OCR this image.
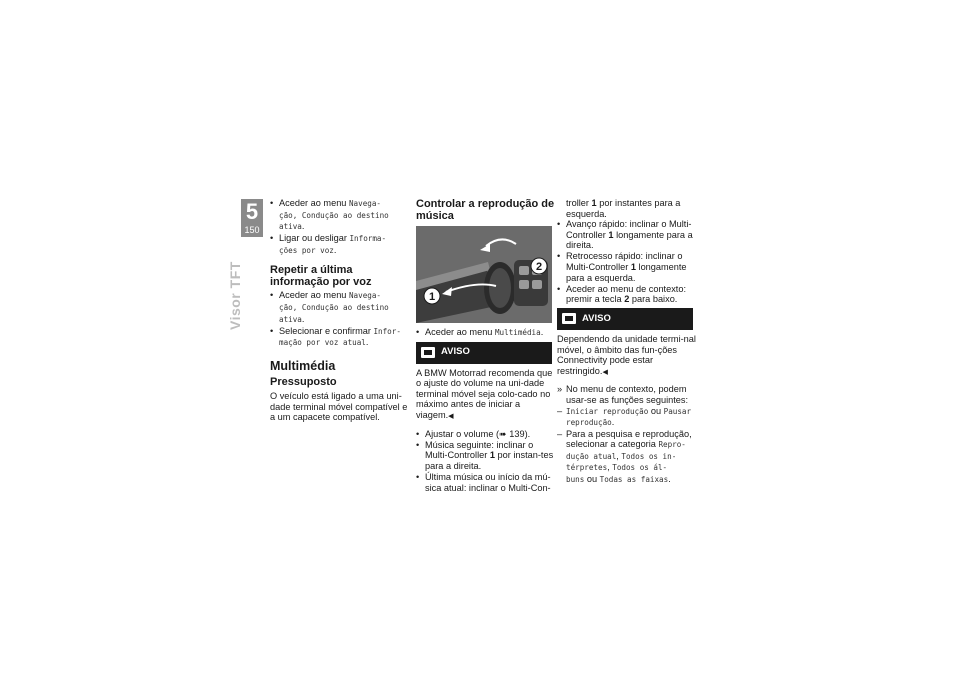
5
150
Visor TFT
• Aceder ao menu Navega-
ção, Condução ao destino
ativa.
• Ligar ou desligar Informa-
ções por voz.
Repetir a última informação por voz
• Aceder ao menu Navega-
ção, Condução ao destino
ativa.
• Selecionar e confirmar Infor-
mação por voz atual.
Multimédia
Pressuposto
O veículo está ligado a uma uni-dade terminal móvel compatível e a um capacete compatível.
Controlar a reprodução de música
1
2
• Aceder ao menu Multimédia.
AVISO
A BMW Motorrad recomenda que o ajuste do volume na uni-dade terminal móvel seja colo-cado no máximo antes de iniciar a viagem. ◀
• Ajustar o volume (➠ 139).
• Música seguinte: inclinar o Multi-Controller 1 por instan-tes para a direita.
• Última música ou início da mú-sica atual: inclinar o Multi-Con-
troller 1 por instantes para a esquerda.
• Avanço rápido: inclinar o Multi-Controller 1 longamente para a direita.
• Retrocesso rápido: inclinar o Multi-Controller 1 longamente para a esquerda.
• Aceder ao menu de contexto: premir a tecla 2 para baixo.
AVISO
Dependendo da unidade termi-nal móvel, o âmbito das fun-ções Connectivity pode estar restringido. ◀
» No menu de contexto, podem usar-se as funções seguintes:
– Iniciar reprodução ou Pausar reprodução.
– Para a pesquisa e reprodução, selecionar a categoria Repro-
dução atual, Todos os in-
térpretes, Todos os ál-
buns ou Todas as faixas.
